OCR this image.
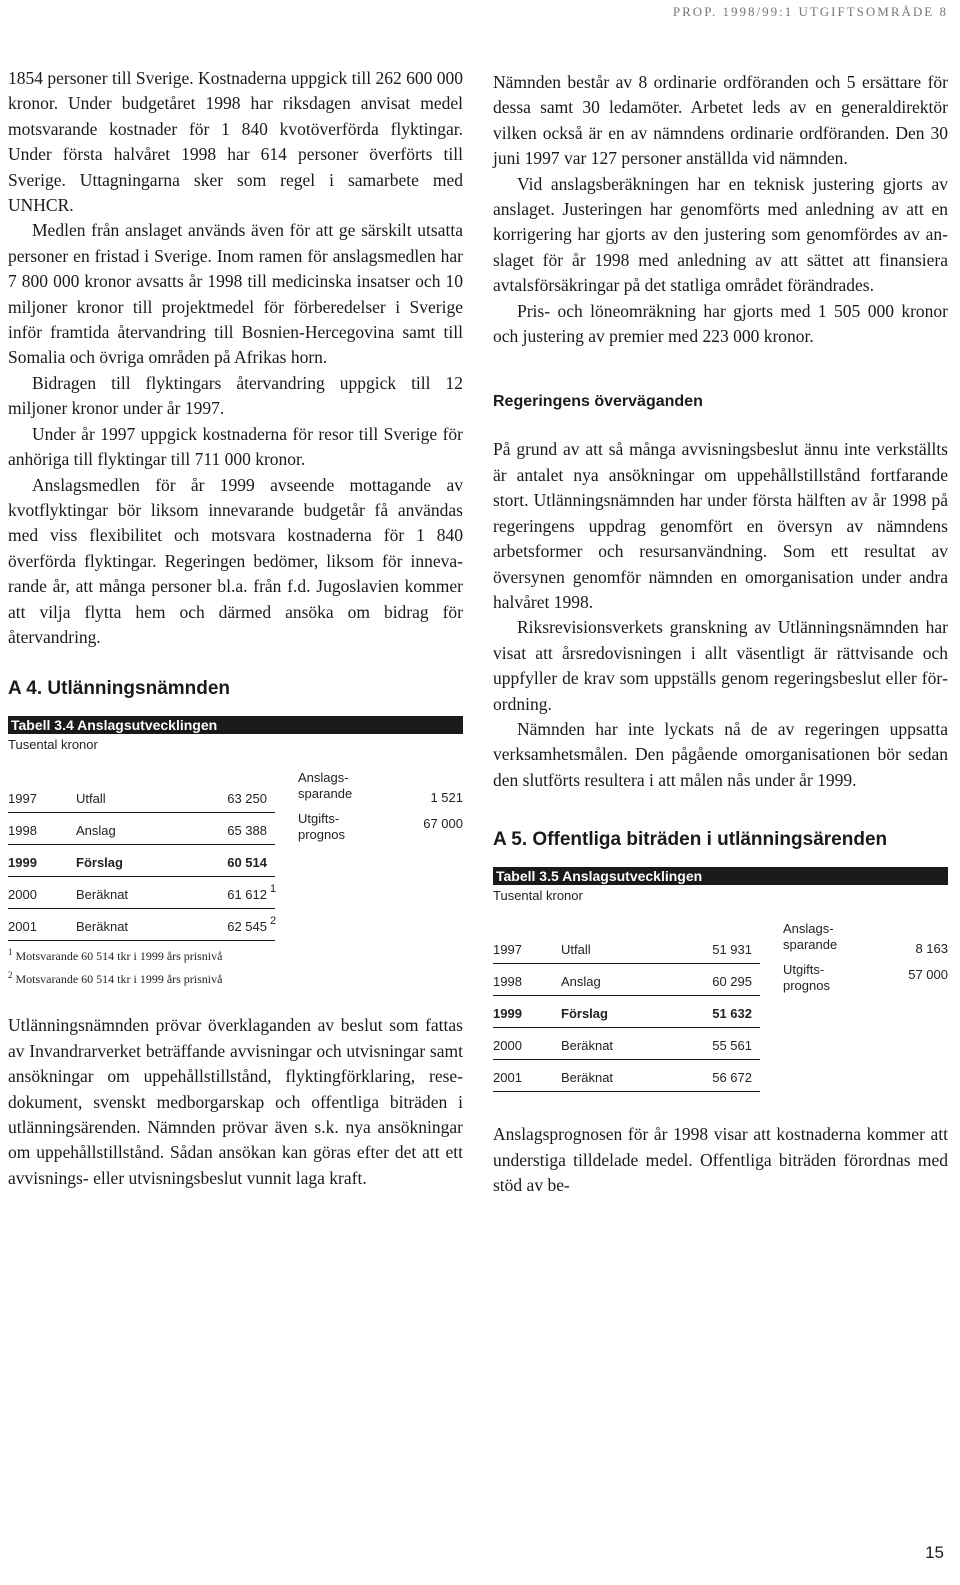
PROP. 1998/99:1 UTGIFTSOMRÅDE 8

1854 personer till Sverige. Kostnaderna uppgick till 262 600 000 kronor. Under budgetåret 1998 har riksdagen anvisat medel motsvarande kostnader för 1 840 kvotöverförda flyktingar. Under första halvåret 1998 har 614 personer överförts till Sverige. Uttagningarna sker som regel i samarbete med UNHCR.

Medlen från anslaget används även för att ge särskilt utsatta personer en fristad i Sverige. Inom ramen för anslagsmedlen har 7 800 000 kronor avsatts år 1998 till medicinska insatser och 10 miljoner kronor till projektmedel för förberedelser i Sverige inför framtida återvandring till Bosnien-Hercegovina samt till Somalia och övriga områden på Afrikas horn.

Bidragen till flyktingars återvandring uppgick till 12 miljoner kronor under år 1997.

Under år 1997 uppgick kostnaderna för resor till Sverige för anhöriga till flyktingar till 711 000 kronor.

Anslagsmedlen för år 1999 avseende mottagande av kvotflyktingar bör liksom innevarande budgetår få användas med viss flexibilitet och motsvara kostnaderna för 1 840 överförda flyktingar. Regeringen bedömer, liksom för innevarande år, att många personer bl.a. från f.d. Jugoslavien kommer att vilja flytta hem och därmed ansöka om bidrag för återvandring.

A 4. Utlänningsnämnden
Tabell 3.4 Anslagsutvecklingen
Tusental kronor
Anslags-
sparande	1 521
Utgifts-
prognos
67 000
1997	Utfall	63 250
1998	Anslag	65 388
1999	Förslag	60 514
2000	Beräknat	61 612 1
2001	Beräknat	62 545 2
$^1$ Motsvarande 60 514 tkr i 1999 års prisnivå
$^2$ Motsvarande 60 514 tkr i 1999 års prisnivå

Utlänningsnämnden prövar överklaganden av beslut som fattas av Invandrarverket beträffande avvisningar och utvisningar samt ansökningar om uppehållstillstånd, flyktingförklaring, resedokument, svenskt medborgarskap och offentliga biträden i utlänningsärenden. Nämnden prövar även s.k. nya ansökningar om uppehållstillstånd. Sådan ansökan kan göras efter det att ett avvisnings- eller utvisningsbeslut vunnit laga kraft.

Nämnden består av 8 ordinarie ordföranden och 5 ersättare för dessa samt 30 ledamöter. Arbetet leds av en generaldirektör vilken också är en av nämndens ordinarie ordföranden. Den 30 juni 1997 var 127 personer anställda vid nämnden.

Vid anslagsberäkningen har en teknisk justering gjorts av anslaget. Justeringen har genomförts med anledning av att en korrigering har gjorts av den justering som genomfördes av anslaget för år 1998 med anledning av att sättet att finansiera avtalsförsäkringar på det statliga området förändrades.

Pris- och löneomräkning har gjorts med 1 505 000 kronor och justering av premier med 223 000 kronor.

Regeringens överväganden

På grund av att så många avvisningsbeslut ännu inte verkställts är antalet nya ansökningar om uppehållstillstånd fortfarande stort. Utlänningsnämnden har under första hälften av år 1998 på regeringens uppdrag genomfört en översyn av nämndens arbetsformer och resursanvändning. Som ett resultat av översynen genomför nämnden en omorganisation under andra halvåret 1998.

Riksrevisionsverkets granskning av Utlänningsnämnden har visat att årsredovisningen i allt väsentligt är rättvisande och uppfyller de krav som uppställs genom regeringsbeslut eller förordning.

Nämnden har inte lyckats nå de av regeringen uppsatta verksamhetsmålen. Den pågående omorganisationen bör sedan den slutförts resultera i att målen nås under år 1999.

A 5. Offentliga biträden i utlänningsärenden
Tabell 3.5 Anslagsutvecklingen
Tusental kronor
Anslags-
sparande	8 163
Utgifts-
prognos
57 000
1997	Utfall	51 931
1998	Anslag	60 295
1999	Förslag	51 632
2000	Beräknat	55 561
2001	Beräknat	56 672

Anslagsprognosen för år 1998 visar att kostnaderna kommer att understiga tilldelade medel. Offentliga biträden förordnas med stöd av be-

15
